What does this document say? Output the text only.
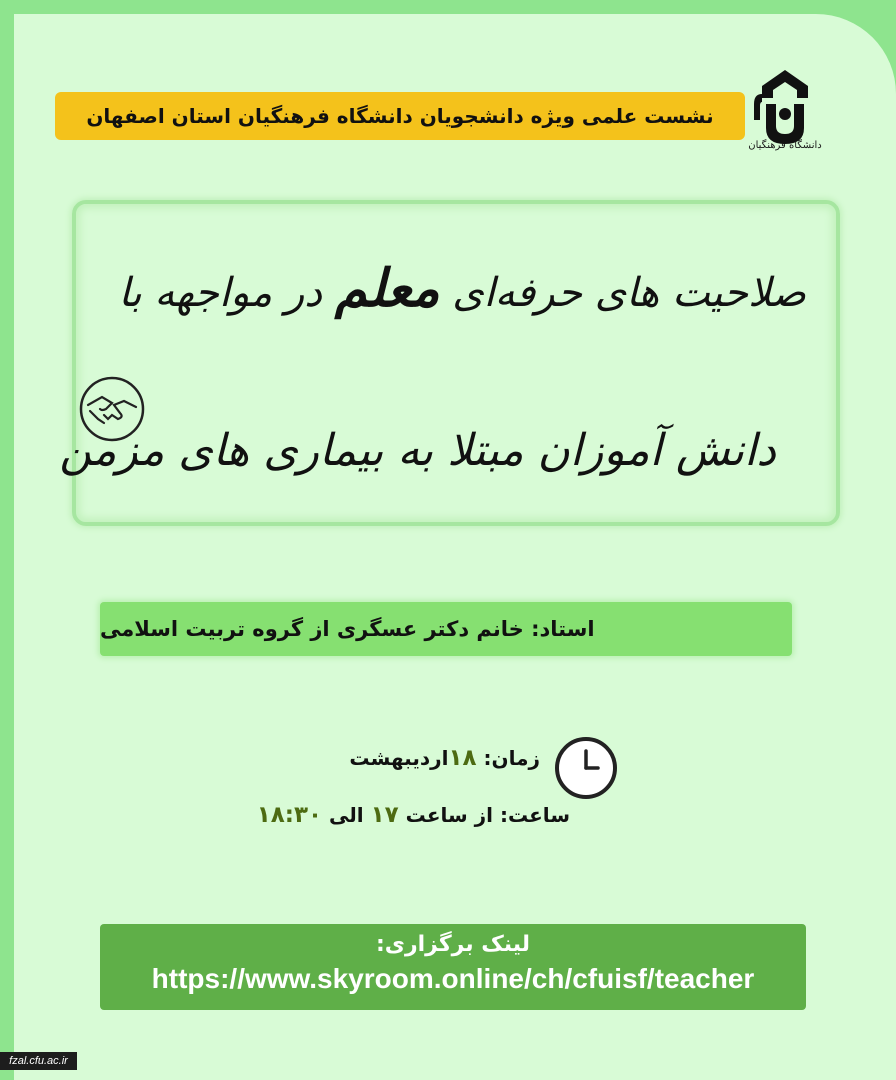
دانشگاه فرهنگیان
نشست علمی ویژه دانشجویان دانشگاه فرهنگیان استان اصفهان
صلاحیت های حرفه‌ای معلم در مواجهه با
دانش آموزان مبتلا به بیماری های مزمن
استاد: خانم دکتر عسگری از گروه تربیت اسلامی
زمان: ۱۸اردیبهشت
ساعت: از ساعت ۱۷ الی ۱۸:۳۰
لینک برگزاری:
https://www.skyroom.online/ch/cfuisf/teacher
fzal.cfu.ac.ir
